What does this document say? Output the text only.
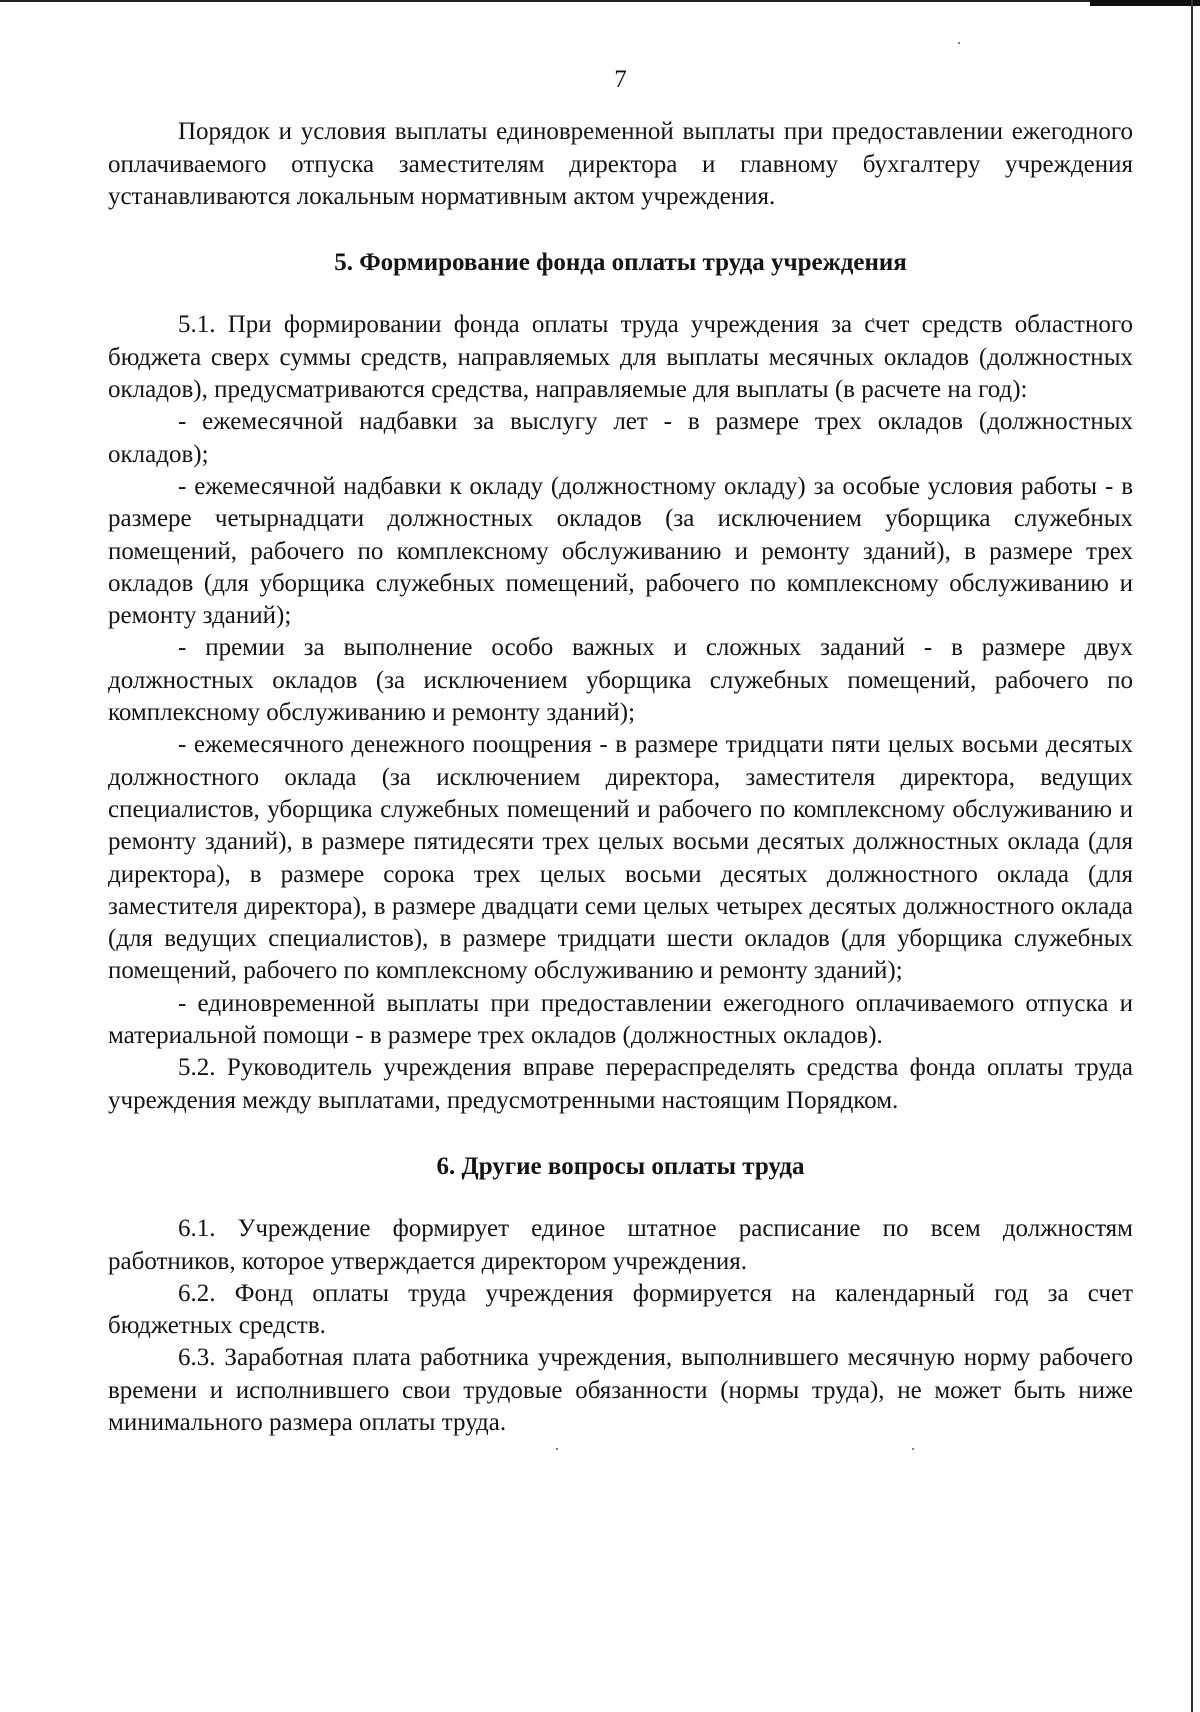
7

Порядок и условия выплаты единовременной выплаты при предоставлении ежегодного оплачиваемого отпуска заместителям директора и главному бухгалтеру учреждения устанавливаются локальным нормативным актом учреждения.

5. Формирование фонда оплаты труда учреждения

5.1. При формировании фонда оплаты труда учреждения за счет средств областного бюджета сверх суммы средств, направляемых для выплаты месячных окладов (должностных окладов), предусматриваются средства, направляемые для выплаты (в расчете на год):

- ежемесячной надбавки за выслугу лет - в размере трех окладов (должностных окладов);

- ежемесячной надбавки к окладу (должностному окладу) за особые условия работы - в размере четырнадцати должностных окладов (за исключением уборщика служебных помещений, рабочего по комплексному обслуживанию и ремонту зданий), в размере трех окладов (для уборщика служебных помещений, рабочего по комплексному обслуживанию и ремонту зданий);

- премии за выполнение особо важных и сложных заданий - в размере двух должностных окладов (за исключением уборщика служебных помещений, рабочего по комплексному обслуживанию и ремонту зданий);

- ежемесячного денежного поощрения - в размере тридцати пяти целых восьми десятых должностного оклада (за исключением директора, заместителя директора, ведущих специалистов, уборщика служебных помещений и рабочего по комплексному обслуживанию и ремонту зданий), в размере пятидесяти трех целых восьми десятых должностных оклада (для директора), в размере сорока трех целых восьми десятых должностного оклада (для заместителя директора), в размере двадцати семи целых четырех десятых должностного оклада (для ведущих специалистов), в размере тридцати шести окладов (для уборщика служебных помещений, рабочего по комплексному обслуживанию и ремонту зданий);

- единовременной выплаты при предоставлении ежегодного оплачиваемого отпуска и материальной помощи - в размере трех окладов (должностных окладов).

5.2. Руководитель учреждения вправе перераспределять средства фонда оплаты труда учреждения между выплатами, предусмотренными настоящим Порядком.

6. Другие вопросы оплаты труда

6.1. Учреждение формирует единое штатное расписание по всем должностям работников, которое утверждается директором учреждения.

6.2. Фонд оплаты труда учреждения формируется на календарный год за счет бюджетных средств.

6.3. Заработная плата работника учреждения, выполнившего месячную норму рабочего времени и исполнившего свои трудовые обязанности (нормы труда), не может быть ниже минимального размера оплаты труда.
